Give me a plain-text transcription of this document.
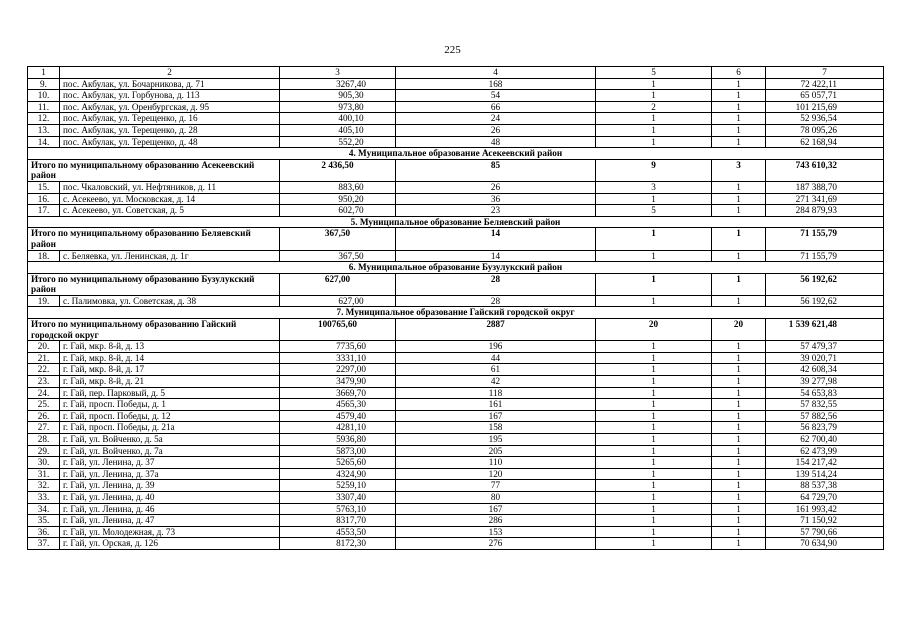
225
1	2	3	4	5	6	7
9.	пос. Акбулак, ул. Бочарникова, д. 71	3267,40	168	1	1	72 422,11
10.	пос. Акбулак, ул. Горбунова, д. 113	905,30	54	1	1	65 057,71
11.	пос. Акбулак, ул. Оренбургская, д. 95	973,80	66	2	1	101 215,69
12.	пос. Акбулак, ул. Терещенко, д. 16	400,10	24	1	1	52 936,54
13.	пос. Акбулак, ул. Терещенко, д. 28	405,10	26	1	1	78 095,26
14.	пос. Акбулак, ул. Терещенко, д. 48	552,20	48	1	1	62 168,94
4. Муниципальное образование Асекеевский район						
Итого по муниципальному образованию Асекеевский район		2 436,50	85	9	3	743 610,32
15.	пос. Чкаловский, ул. Нефтяников, д. 11	883,60	26	3	1	187 388,70
16.	с. Асекеево, ул. Московская, д. 14	950,20	36	1	1	271 341,69
17.	с. Асекеево, ул. Советская, д. 5	602,70	23	5	1	284 879,93
5. Муниципальное образование Беляевский район						
Итого по муниципальному образованию Беляевский район		367,50	14	1	1	71 155,79
18.	с. Беляевка, ул. Ленинская, д. 1г	367,50	14	1	1	71 155,79
6. Муниципальное образование Бузулукский район						
Итого по муниципальному образованию Бузулукский район		627,00	28	1	1	56 192,62
19.	с. Палимовка, ул. Советская, д. 38	627,00	28	1	1	56 192,62
7. Муниципальное образование Гайский городской округ						
Итого по муниципальному образованию Гайский городской округ		100765,60	2887	20	20	1 539 621,48
20.	г. Гай, мкр. 8-й, д. 13	7735,60	196	1	1	57 479,37
21.	г. Гай, мкр. 8-й, д. 14	3331,10	44	1	1	39 020,71
22.	г. Гай, мкр. 8-й, д. 17	2297,00	61	1	1	42 608,34
23.	г. Гай, мкр. 8-й, д. 21	3479,90	42	1	1	39 277,98
24.	г. Гай, пер. Парковый, д. 5	3669,70	118	1	1	54 653,83
25.	г. Гай, просп. Победы, д. 1	4565,30	161	1	1	57 832,55
26.	г. Гай, просп. Победы, д. 12	4579,40	167	1	1	57 882,56
27.	г. Гай, просп. Победы, д. 21а	4281,10	158	1	1	56 823,79
28.	г. Гай, ул. Войченко, д. 5а	5936,80	195	1	1	62 700,40
29.	г. Гай, ул. Войченко, д. 7а	5873,00	205	1	1	62 473,99
30.	г. Гай, ул. Ленина, д. 37	5265,60	110	1	1	154 217,42
31.	г. Гай, ул. Ленина, д. 37а	4324,90	120	1	1	139 514,24
32.	г. Гай, ул. Ленина, д. 39	5259,10	77	1	1	88 537,38
33.	г. Гай, ул. Ленина, д. 40	3307,40	80	1	1	64 729,70
34.	г. Гай, ул. Ленина, д. 46	5763,10	167	1	1	161 993,42
35.	г. Гай, ул. Ленина, д. 47	8317,70	286	1	1	71 150,92
36.	г. Гай, ул. Молодежная, д. 73	4553,50	153	1	1	57 790,66
37.	г. Гай, ул. Орская, д. 126	8172,30	276	1	1	70 634,90
